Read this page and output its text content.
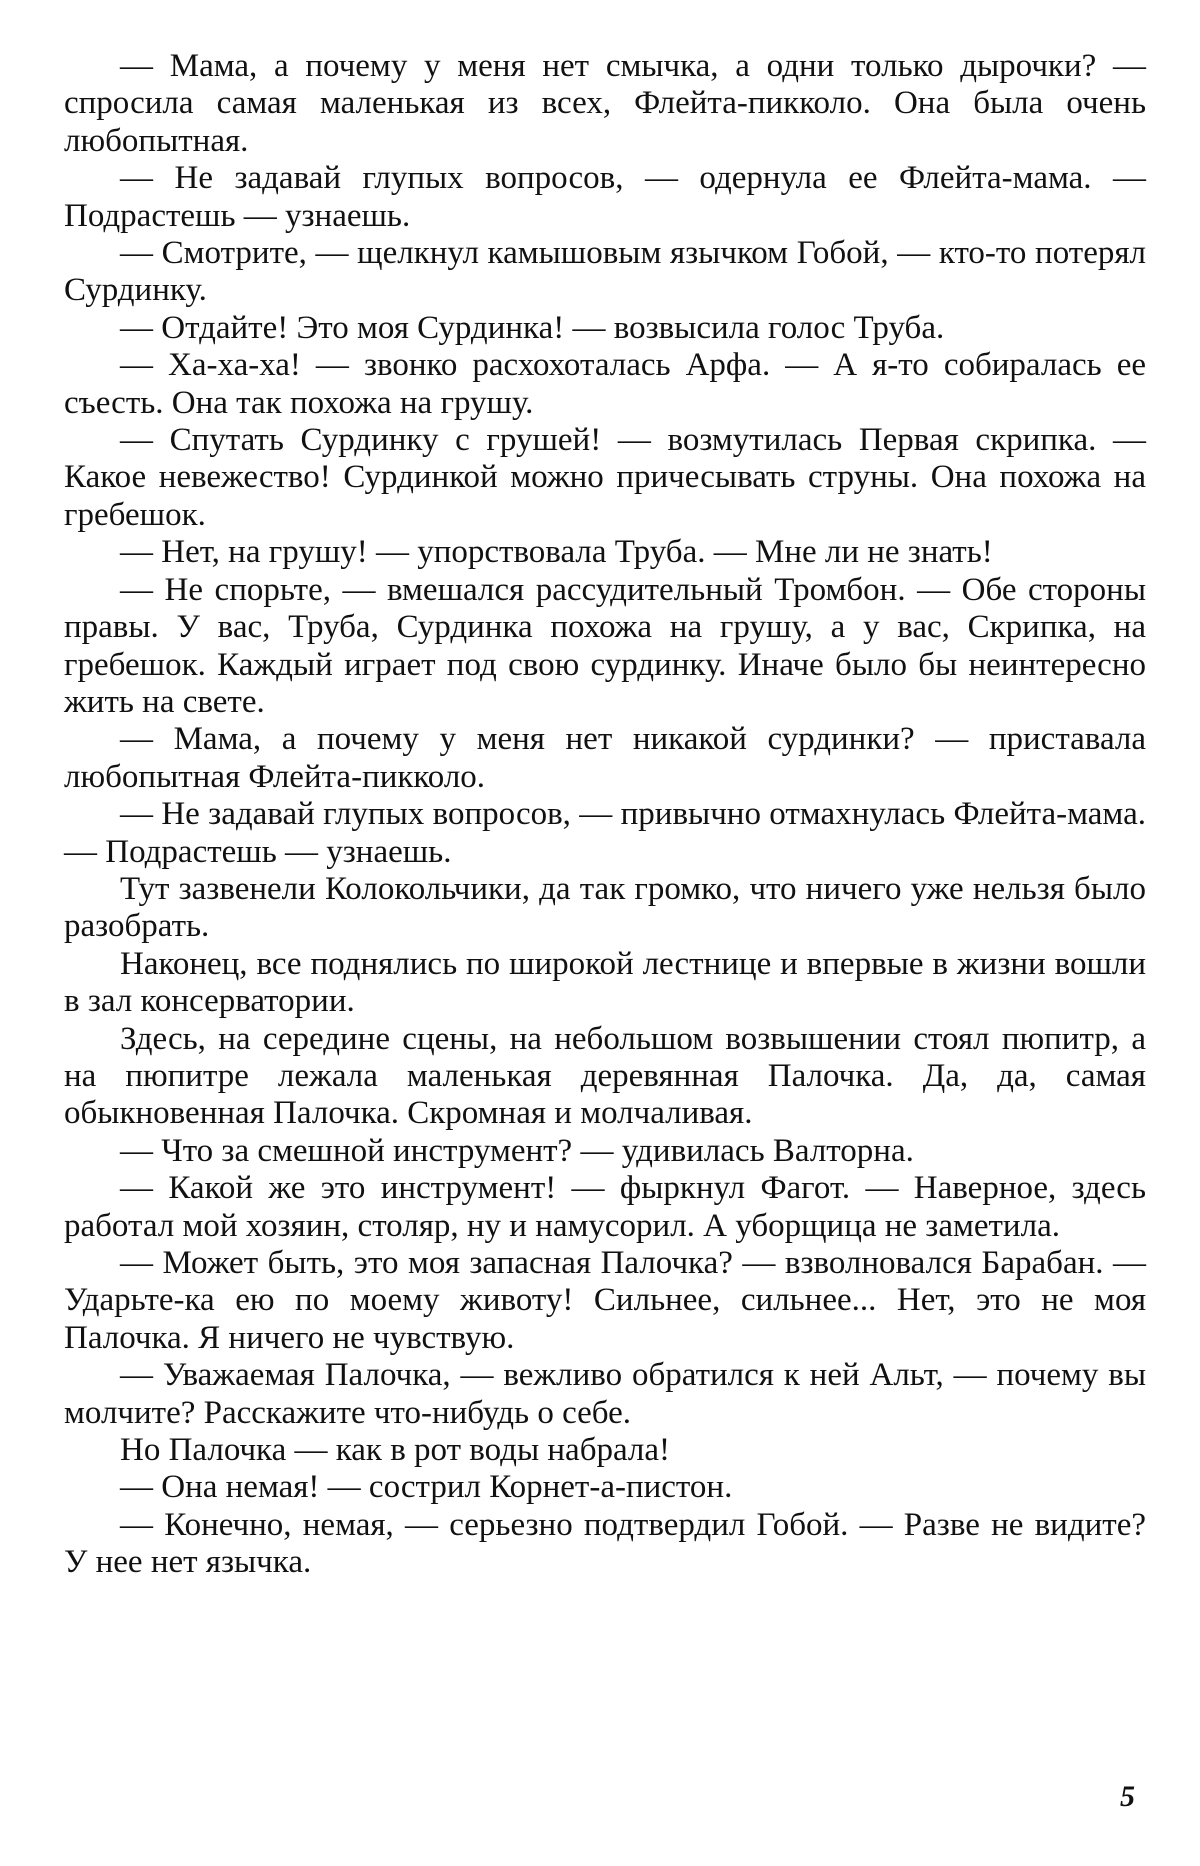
— Мама, а почему у меня нет смычка, а одни только дырочки? — спросила самая маленькая из всех, Флейта-пикколо. Она была очень любопытная.

— Не задавай глупых вопросов, — одернула ее Флейта-мама. — Подрастешь — узнаешь.

— Смотрите, — щелкнул камышовым язычком Гобой, — кто-то потерял Сурдинку.

— Отдайте! Это моя Сурдинка! — возвысила голос Труба.

— Ха-ха-ха! — звонко расхохоталась Арфа. — А я-то собиралась ее съесть. Она так похожа на грушу.

— Спутать Сурдинку с грушей! — возмутилась Первая скрипка. — Какое невежество! Сурдинкой можно причесывать струны. Она похожа на гребешок.

— Нет, на грушу! — упорствовала Труба. — Мне ли не знать!

— Не спорьте, — вмешался рассудительный Тромбон. — Обе стороны правы. У вас, Труба, Сурдинка похожа на грушу, а у вас, Скрипка, на гребешок. Каждый играет под свою сурдинку. Иначе было бы неинтересно жить на свете.

— Мама, а почему у меня нет никакой сурдинки? — приставала любопытная Флейта-пикколо.

— Не задавай глупых вопросов, — привычно отмахнулась Флейта-мама. — Подрастешь — узнаешь.

Тут зазвенели Колокольчики, да так громко, что ничего уже нельзя было разобрать.

Наконец, все поднялись по широкой лестнице и впервые в жизни вошли в зал консерватории.

Здесь, на середине сцены, на небольшом возвышении стоял пюпитр, а на пюпитре лежала маленькая деревянная Палочка. Да, да, самая обыкновенная Палочка. Скромная и молчаливая.

— Что за смешной инструмент? — удивилась Валторна.

— Какой же это инструмент! — фыркнул Фагот. — Наверное, здесь работал мой хозяин, столяр, ну и намусорил. А уборщица не заметила.

— Может быть, это моя запасная Палочка? — взволновался Барабан. — Ударьте-ка ею по моему животу! Сильнее, сильнее... Нет, это не моя Палочка. Я ничего не чувствую.

— Уважаемая Палочка, — вежливо обратился к ней Альт, — почему вы молчите? Расскажите что-нибудь о себе.

Но Палочка — как в рот воды набрала!

— Она немая! — сострил Корнет-а-пистон.

— Конечно, немая, — серьезно подтвердил Гобой. — Разве не видите? У нее нет язычка.

5
